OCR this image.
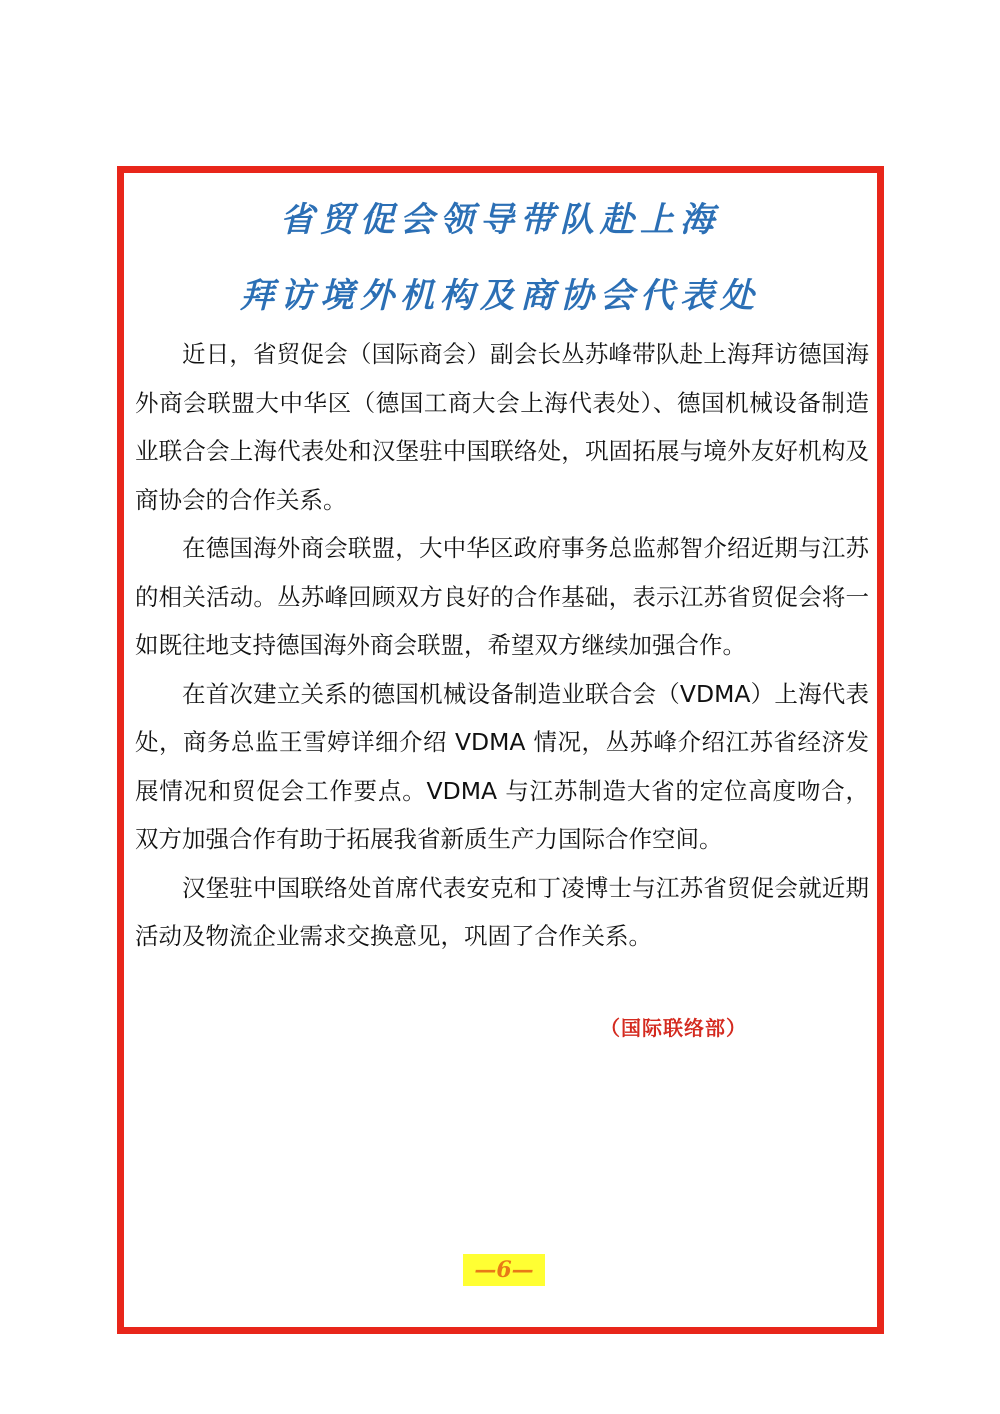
省贸促会领导带队赴上海
拜访境外机构及商协会代表处

近日，省贸促会（国际商会）副会长丛苏峰带队赴上海拜访德国海外商会联盟大中华区（德国工商大会上海代表处）、德国机械设备制造业联合会上海代表处和汉堡驻中国联络处，巩固拓展与境外友好机构及商协会的合作关系。

在德国海外商会联盟，大中华区政府事务总监郝智介绍近期与江苏的相关活动。丛苏峰回顾双方良好的合作基础，表示江苏省贸促会将一如既往地支持德国海外商会联盟，希望双方继续加强合作。

在首次建立关系的德国机械设备制造业联合会（VDMA）上海代表处，商务总监王雪婷详细介绍 VDMA 情况，丛苏峰介绍江苏省经济发展情况和贸促会工作要点。VDMA 与江苏制造大省的定位高度吻合，双方加强合作有助于拓展我省新质生产力国际合作空间。

汉堡驻中国联络处首席代表安克和丁凌博士与江苏省贸促会就近期活动及物流企业需求交换意见，巩固了合作关系。

（国际联络部）
—6—
